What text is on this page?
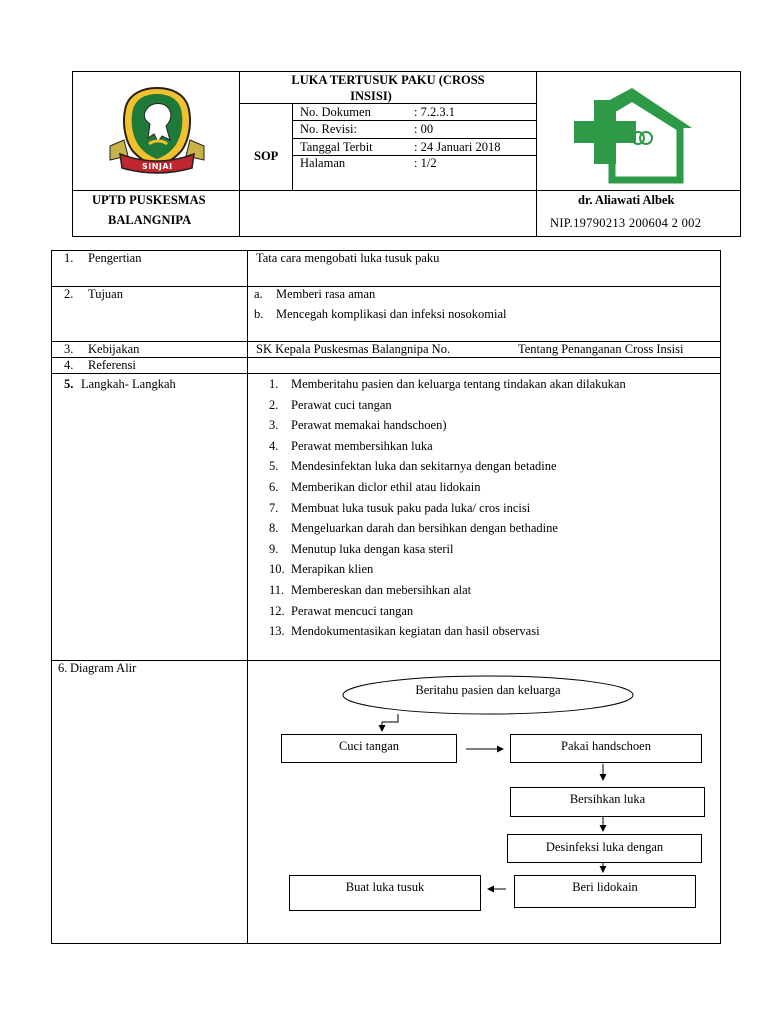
SINJAI
LUKA TERTUSUK PAKU (CROSS
INSISI)
SOP
No. Dokumen	: 7.2.3.1
No. Revisi:	: 00
Tanggal Terbit	: 24 Januari 2018
Halaman	: 1/2
UPTD PUSKESMAS
BALANGNIPA
dr. Aliawati Albek
NIP.19790213 200604 2 002
1. Pengertian	Tata cara mengobati luka tusuk paku
2. Tujuan	a. Memberi rasa aman
b. Mencegah komplikasi dan infeksi nosokomial
3. Kebijakan	SK Kepala Puskesmas Balangnipa No.	Tentang Penanganan Cross Insisi
4. Referensi
5. Langkah- Langkah	1. Memberitahu pasien dan keluarga tentang tindakan akan dilakukan
2. Perawat cuci tangan
3. Perawat memakai handschoen)
4. Perawat membersihkan luka
5. Mendesinfektan luka dan sekitarnya dengan betadine
6. Memberikan diclor ethil atau lidokain
7. Membuat luka tusuk paku pada luka/ cros incisi
8. Mengeluarkan darah dan bersihkan dengan bethadine
9. Menutup luka dengan kasa steril
10. Merapikan klien
11. Membereskan dan mebersihkan alat
12. Perawat mencuci tangan
13. Mendokumentasikan kegiatan dan hasil observasi
6. Diagram Alir
Beritahu pasien dan keluarga
Cuci tangan	Pakai handschoen
Bersihkan luka
Desinfeksi luka dengan
Beri lidokain
Buat luka tusuk
